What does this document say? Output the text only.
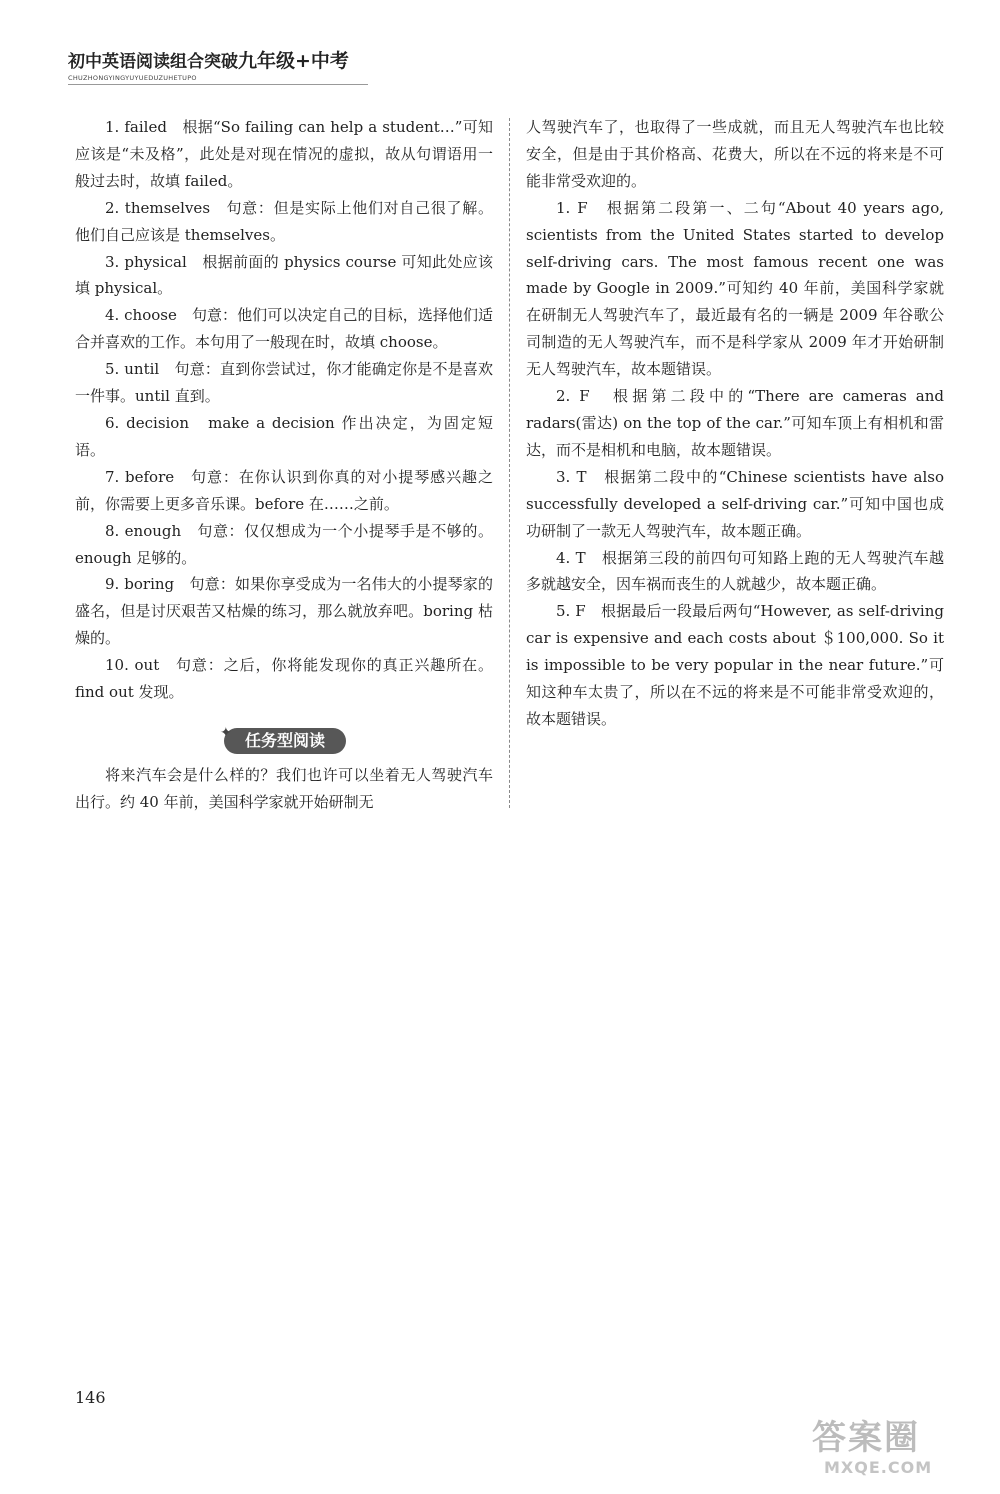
初中英语阅读组合突破九年级+中考
CHUZHONGYINGYUYUEDUZUHETUPO

1. failed　根据“So failing can help a student…”可知应该是“未及格”，此处是对现在情况的虚拟，故从句谓语用一般过去时，故填 failed。

2. themselves　句意：但是实际上他们对自己很了解。他们自己应该是 themselves。

3. physical　根据前面的 physics course 可知此处应该填 physical。

4. choose　句意：他们可以决定自己的目标，选择他们适合并喜欢的工作。本句用了一般现在时，故填 choose。

5. until　句意：直到你尝试过，你才能确定你是不是喜欢一件事。until 直到。

6. decision　make a decision 作出决定，为固定短语。

7. before　句意：在你认识到你真的对小提琴感兴趣之前，你需要上更多音乐课。before 在……之前。

8. enough　句意：仅仅想成为一个小提琴手是不够的。enough 足够的。

9. boring　句意：如果你享受成为一名伟大的小提琴家的盛名，但是讨厌艰苦又枯燥的练习，那么就放弃吧。boring 枯燥的。

10. out　句意：之后，你将能发现你的真正兴趣所在。find out 发现。

任务型阅读
✦

将来汽车会是什么样的？我们也许可以坐着无人驾驶汽车出行。约 40 年前，美国科学家就开始研制无

人驾驶汽车了，也取得了一些成就，而且无人驾驶汽车也比较安全，但是由于其价格高、花费大，所以在不远的将来是不可能非常受欢迎的。

1. F　根据第二段第一、二句“About 40 years ago, scientists from the United States started to develop self-driving cars. The most famous recent one was made by Google in 2009.”可知约 40 年前，美国科学家就在研制无人驾驶汽车了，最近最有名的一辆是 2009 年谷歌公司制造的无人驾驶汽车，而不是科学家从 2009 年才开始研制无人驾驶汽车，故本题错误。

2. F　根据第二段中的“There are cameras and radars(雷达) on the top of the car.”可知车顶上有相机和雷达，而不是相机和电脑，故本题错误。

3. T　根据第二段中的“Chinese scientists have also successfully developed a self-driving car.”可知中国也成功研制了一款无人驾驶汽车，故本题正确。

4. T　根据第三段的前四句可知路上跑的无人驾驶汽车越多就越安全，因车祸而丧生的人就越少，故本题正确。

5. F　根据最后一段最后两句“However, as self-driving car is expensive and each costs about ＄100,000. So it is impossible to be very popular in the near future.”可知这种车太贵了，所以在不远的将来是不可能非常受欢迎的，故本题错误。

146
答案圈
MXQE.COM
